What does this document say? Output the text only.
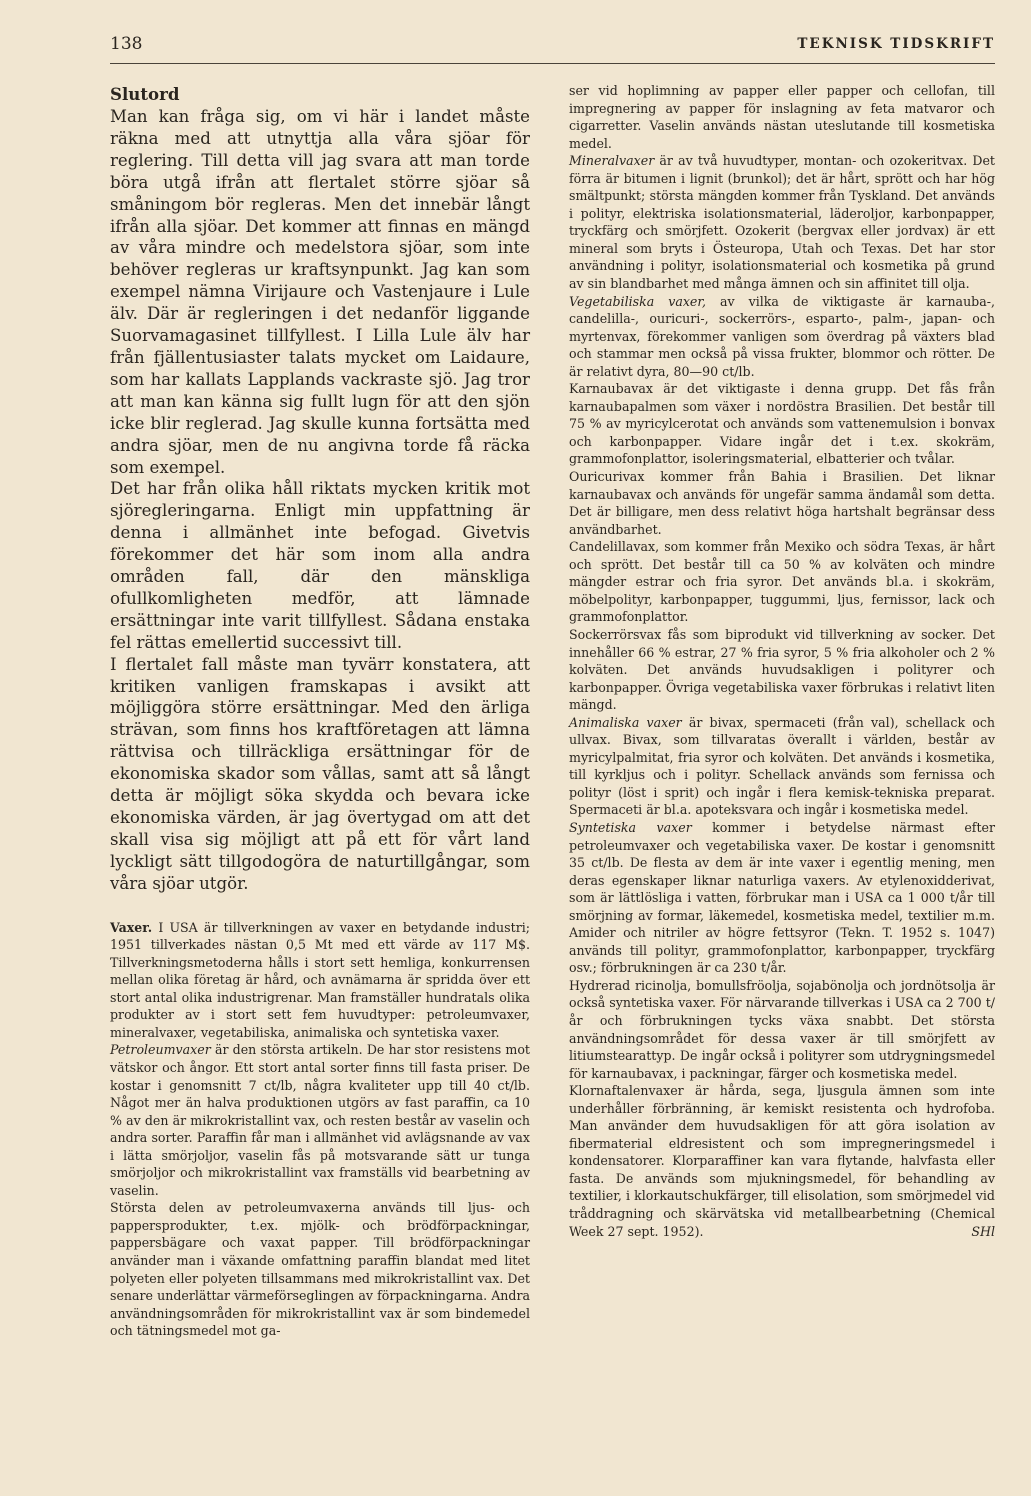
138	TEKNISK TIDSKRIFT
Slutord

Man kan fråga sig, om vi här i landet måste räkna med att utnyttja alla våra sjöar för reglering. Till detta vill jag svara att man torde böra utgå ifrån att flertalet större sjöar så småningom bör regleras. Men det innebär långt ifrån alla sjöar. Det kommer att finnas en mängd av våra mindre och medelstora sjöar, som inte behöver regleras ur kraftsynpunkt. Jag kan som exempel nämna Virijaure och Vastenjaure i Lule älv. Där är regleringen i det nedanför liggande Suorvamagasinet tillfyllest. I Lilla Lule älv har från fjällentusiaster talats mycket om Laidaure, som har kallats Lapplands vackraste sjö. Jag tror att man kan känna sig fullt lugn för att den sjön icke blir reglerad. Jag skulle kunna fortsätta med andra sjöar, men de nu angivna torde få räcka som exempel.

Det har från olika håll riktats mycken kritik mot sjöregleringarna. Enligt min uppfattning är denna i allmänhet inte befogad. Givetvis förekommer det här som inom alla andra områden fall, där den mänskliga ofullkomligheten medför, att lämnade ersättningar inte varit tillfyllest. Sådana enstaka fel rättas emellertid successivt till.

I flertalet fall måste man tyvärr konstatera, att kritiken vanligen framskapas i avsikt att möjliggöra större ersättningar. Med den ärliga strävan, som finns hos kraftföretagen att lämna rättvisa och tillräckliga ersättningar för de ekonomiska skador som vållas, samt att så långt detta är möjligt söka skydda och bevara icke ekonomiska värden, är jag övertygad om att det skall visa sig möjligt att på ett för vårt land lyckligt sätt tillgodogöra de naturtillgångar, som våra sjöar utgör.

Vaxer. I USA är tillverkningen av vaxer en betydande industri; 1951 tillverkades nästan 0,5 Mt med ett värde av 117 M$. Tillverkningsmetoderna hålls i stort sett hemliga, konkurrensen mellan olika företag är hård, och avnämarna är spridda över ett stort antal olika industrigrenar. Man framställer hundratals olika produkter av i stort sett fem huvudtyper: petroleumvaxer, mineralvaxer, vegetabiliska, animaliska och syntetiska vaxer.

Petroleumvaxer är den största artikeln. De har stor resistens mot vätskor och ångor. Ett stort antal sorter finns till fasta priser. De kostar i genomsnitt 7 ct/lb, några kvaliteter upp till 40 ct/lb. Något mer än halva produktionen utgörs av fast paraffin, ca 10 % av den är mikrokristallint vax, och resten består av vaselin och andra sorter. Paraffin får man i allmänhet vid avlägsnande av vax i lätta smörjoljor, vaselin fås på motsvarande sätt ur tunga smörjoljor och mikrokristallint vax framställs vid bearbetning av vaselin.

Största delen av petroleumvaxerna används till ljus- och pappersprodukter, t.ex. mjölk- och brödförpackningar, pappersbägare och vaxat papper. Till brödförpackningar använder man i växande omfattning paraffin blandat med litet polyeten eller polyeten tillsammans med mikrokristallint vax. Det senare underlättar värmeförseglingen av förpackningarna. Andra användningsområden för mikrokristallint vax är som bindemedel och tätningsmedel mot ga-

ser vid hoplimning av papper eller papper och cellofan, till impregnering av papper för inslagning av feta matvaror och cigarretter. Vaselin används nästan uteslutande till kosmetiska medel.

Mineralvaxer är av två huvudtyper, montan- och ozokeritvax. Det förra är bitumen i lignit (brunkol); det är hårt, sprött och har hög smältpunkt; största mängden kommer från Tyskland. Det används i polityr, elektriska isolationsmaterial, läderoljor, karbonpapper, tryckfärg och smörjfett. Ozokerit (bergvax eller jordvax) är ett mineral som bryts i Östeuropa, Utah och Texas. Det har stor användning i polityr, isolationsmaterial och kosmetika på grund av sin blandbarhet med många ämnen och sin affinitet till olja.

Vegetabiliska vaxer, av vilka de viktigaste är karnauba-, candelilla-, ouricuri-, sockerrörs-, esparto-, palm-, japan- och myrtenvax, förekommer vanligen som överdrag på växters blad och stammar men också på vissa frukter, blommor och rötter. De är relativt dyra, 80—90 ct/lb.

Karnaubavax är det viktigaste i denna grupp. Det fås från karnaubapalmen som växer i nordöstra Brasilien. Det består till 75 % av myricylcerotat och används som vattenemulsion i bonvax och karbonpapper. Vidare ingår det i t.ex. skokräm, grammofonplattor, isoleringsmaterial, elbatterier och tvålar.

Ouricurivax kommer från Bahia i Brasilien. Det liknar karnaubavax och används för ungefär samma ändamål som detta. Det är billigare, men dess relativt höga hartshalt begränsar dess användbarhet.

Candelillavax, som kommer från Mexiko och södra Texas, är hårt och sprött. Det består till ca 50 % av kolväten och mindre mängder estrar och fria syror. Det används bl.a. i skokräm, möbelpolityr, karbonpapper, tuggummi, ljus, fernissor, lack och grammofonplattor.

Sockerrörsvax fås som biprodukt vid tillverkning av socker. Det innehåller 66 % estrar, 27 % fria syror, 5 % fria alkoholer och 2 % kolväten. Det används huvudsakligen i polityrer och karbonpapper. Övriga vegetabiliska vaxer förbrukas i relativt liten mängd.

Animaliska vaxer är bivax, spermaceti (från val), schellack och ullvax. Bivax, som tillvaratas överallt i världen, består av myricylpalmitat, fria syror och kolväten. Det används i kosmetika, till kyrkljus och i polityr. Schellack används som fernissa och polityr (löst i sprit) och ingår i flera kemisk-tekniska preparat. Spermaceti är bl.a. apoteksvara och ingår i kosmetiska medel.

Syntetiska vaxer kommer i betydelse närmast efter petroleumvaxer och vegetabiliska vaxer. De kostar i genomsnitt 35 ct/lb. De flesta av dem är inte vaxer i egentlig mening, men deras egenskaper liknar naturliga vaxers. Av etylenoxidderivat, som är lättlösliga i vatten, förbrukar man i USA ca 1 000 t/år till smörjning av formar, läkemedel, kosmetiska medel, textilier m.m. Amider och nitriler av högre fettsyror (Tekn. T. 1952 s. 1047) används till polityr, grammofonplattor, karbonpapper, tryckfärg osv.; förbrukningen är ca 230 t/år.

Hydrerad ricinolja, bomullsfröolja, sojabönolja och jordnötsolja är också syntetiska vaxer. För närvarande tillverkas i USA ca 2 700 t/år och förbrukningen tycks växa snabbt. Det största användningsområdet för dessa vaxer är till smörjfett av litiumstearattyp. De ingår också i polityrer som utdrygningsmedel för karnaubavax, i packningar, färger och kosmetiska medel.

Klornaftalenvaxer är hårda, sega, ljusgula ämnen som inte underhåller förbränning, är kemiskt resistenta och hydrofoba. Man använder dem huvudsakligen för att göra isolation av fibermaterial eldresistent och som impregneringsmedel i kondensatorer. Klorparaffiner kan vara flytande, halvfasta eller fasta. De används som mjukningsmedel, för behandling av textilier, i klorkautschukfärger, till elisolation, som smörjmedel vid tråddragning och skärvätska vid metallbearbetning (Chemical Week 27 sept. 1952).	SHl
